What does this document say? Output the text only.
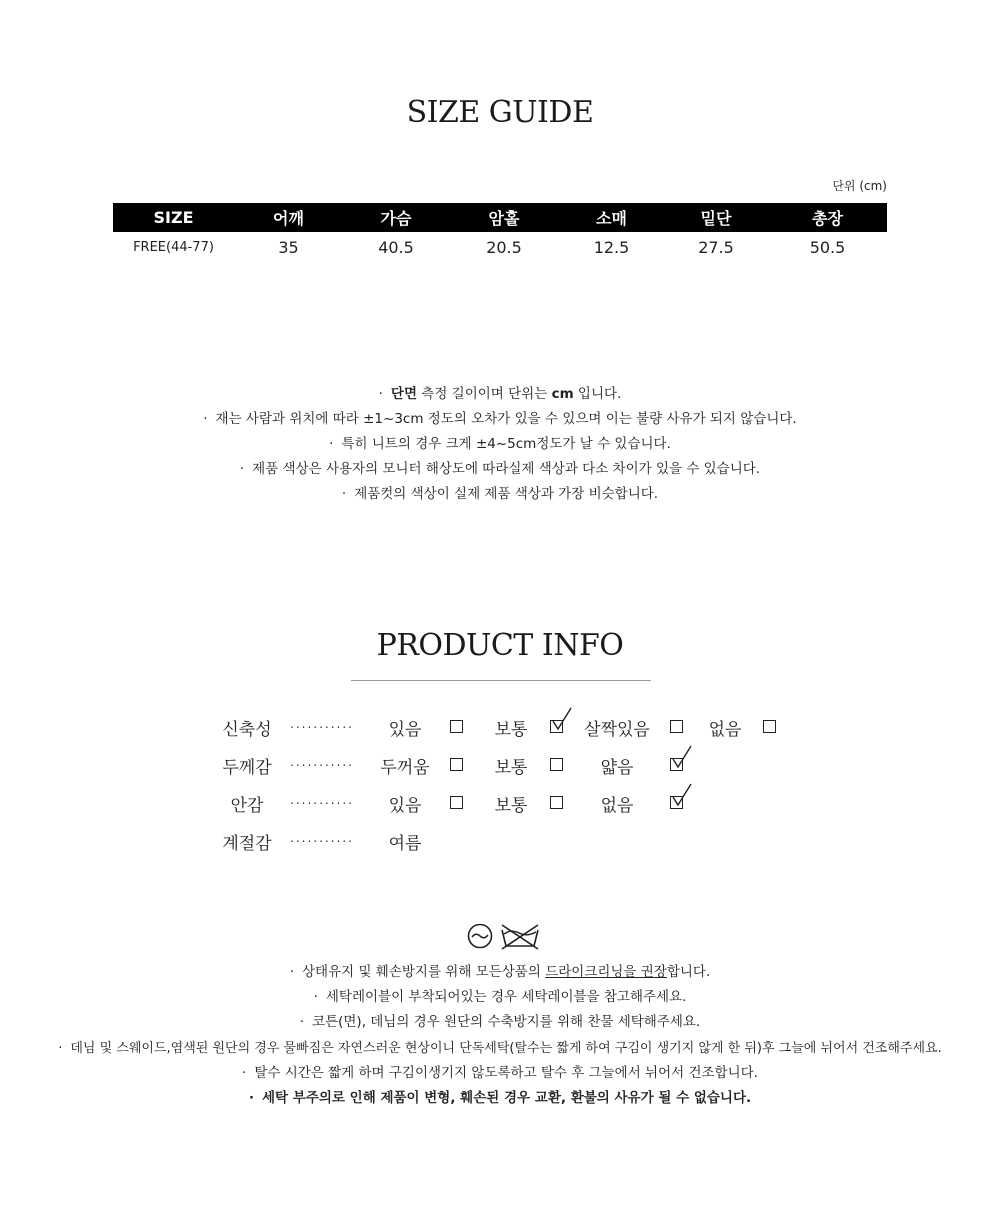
SIZE GUIDE
단위 (cm)
SIZE	어깨	가슴	암홀	소매	밑단	총장
FREE(44-77)	35	40.5	20.5	12.5	27.5	50.5
· 단면 측정 길이이며 단위는 cm 입니다.
· 재는 사람과 위치에 따라 ±1~3cm 정도의 오차가 있을 수 있으며 이는 불량 사유가 되지 않습니다.
· 특히 니트의 경우 크게 ±4~5cm정도가 날 수 있습니다.
· 제품 색상은 사용자의 모니터 해상도에 따라실제 색상과 다소 차이가 있을 수 있습니다.
· 제품컷의 색상이 실제 제품 색상과 가장 비슷합니다.
PRODUCT INFO
신축성	...........	있음	보통	살짝있음	없음
두께감	...........	두꺼움	보통	얇음
안감	...........	있음	보통	없음
계절감	...........	여름
· 상태유지 및 훼손방지를 위해 모든상품의 드라이크리닝을 권장합니다.
· 세탁레이블이 부착되어있는 경우 세탁레이블을 참고해주세요.
· 코튼(면), 데님의 경우 원단의 수축방지를 위해 찬물 세탁해주세요.
· 데님 및 스웨이드,염색된 원단의 경우 물빠짐은 자연스러운 현상이니 단독세탁(탈수는 짧게 하여 구김이 생기지 않게 한 뒤)후 그늘에 뉘어서 건조해주세요.
· 탈수 시간은 짧게 하며 구김이생기지 않도록하고 탈수 후 그늘에서 뉘어서 건조합니다.
· 세탁 부주의로 인해 제품이 변형, 훼손된 경우 교환, 환불의 사유가 될 수 없습니다.
